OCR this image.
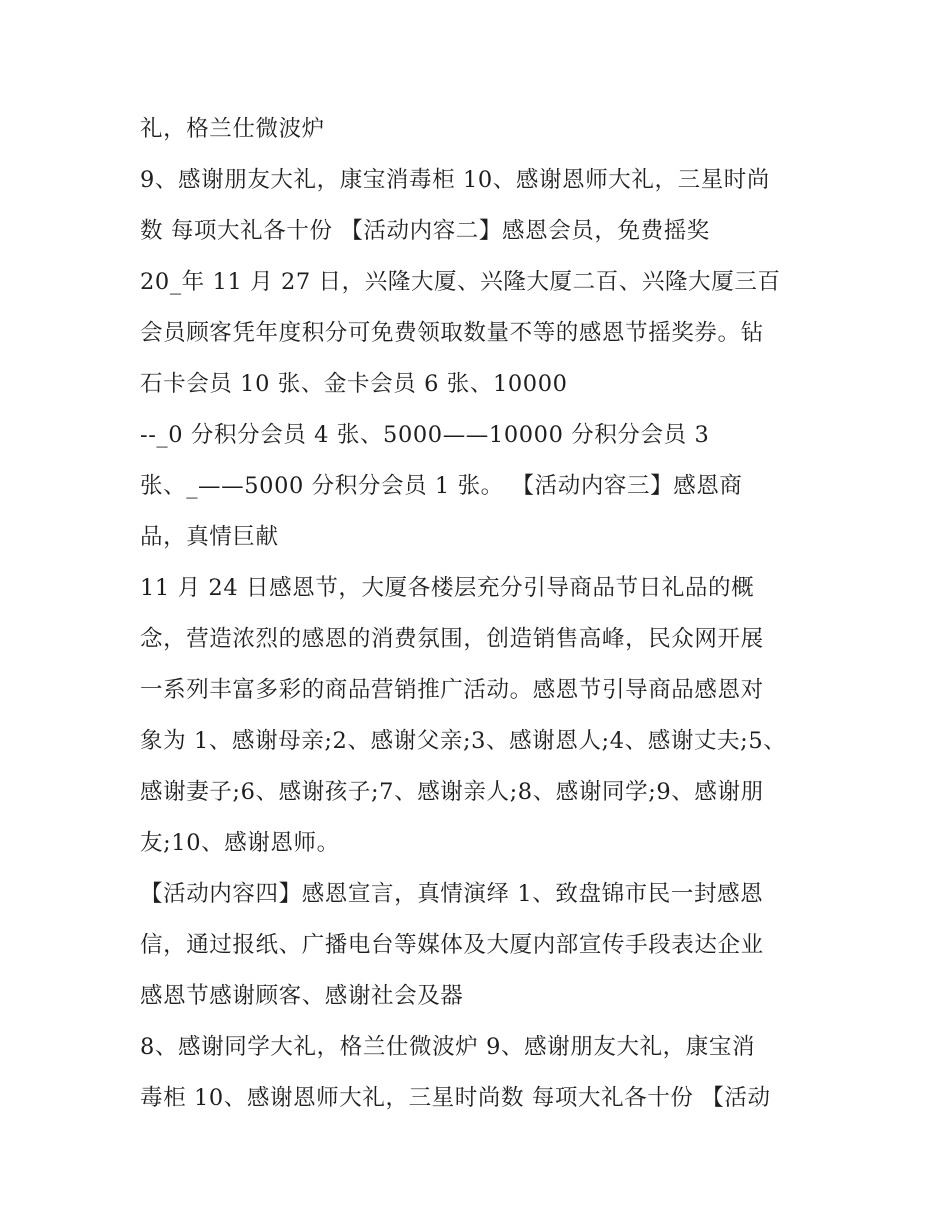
礼，格兰仕微波炉
9、感谢朋友大礼，康宝消毒柜 10、感谢恩师大礼，三星时尚
数 每项大礼各十份 【活动内容二】感恩会员，免费摇奖
20_年 11 月 27 日，兴隆大厦、兴隆大厦二百、兴隆大厦三百
会员顾客凭年度积分可免费领取数量不等的感恩节摇奖券。钻
石卡会员 10 张、金卡会员 6 张、10000
--_0 分积分会员 4 张、5000——10000 分积分会员 3
张、_——5000 分积分会员 1 张。 【活动内容三】感恩商
品，真情巨献
11 月 24 日感恩节，大厦各楼层充分引导商品节日礼品的概
念，营造浓烈的感恩的消费氛围，创造销售高峰，民众网开展
一系列丰富多彩的商品营销推广活动。感恩节引导商品感恩对
象为 1、感谢母亲;2、感谢父亲;3、感谢恩人;4、感谢丈夫;5、
感谢妻子;6、感谢孩子;7、感谢亲人;8、感谢同学;9、感谢朋
友;10、感谢恩师。
【活动内容四】感恩宣言，真情演绎 1、致盘锦市民一封感恩
信，通过报纸、广播电台等媒体及大厦内部宣传手段表达企业
感恩节感谢顾客、感谢社会及器
8、感谢同学大礼，格兰仕微波炉 9、感谢朋友大礼，康宝消
毒柜 10、感谢恩师大礼，三星时尚数 每项大礼各十份 【活动
